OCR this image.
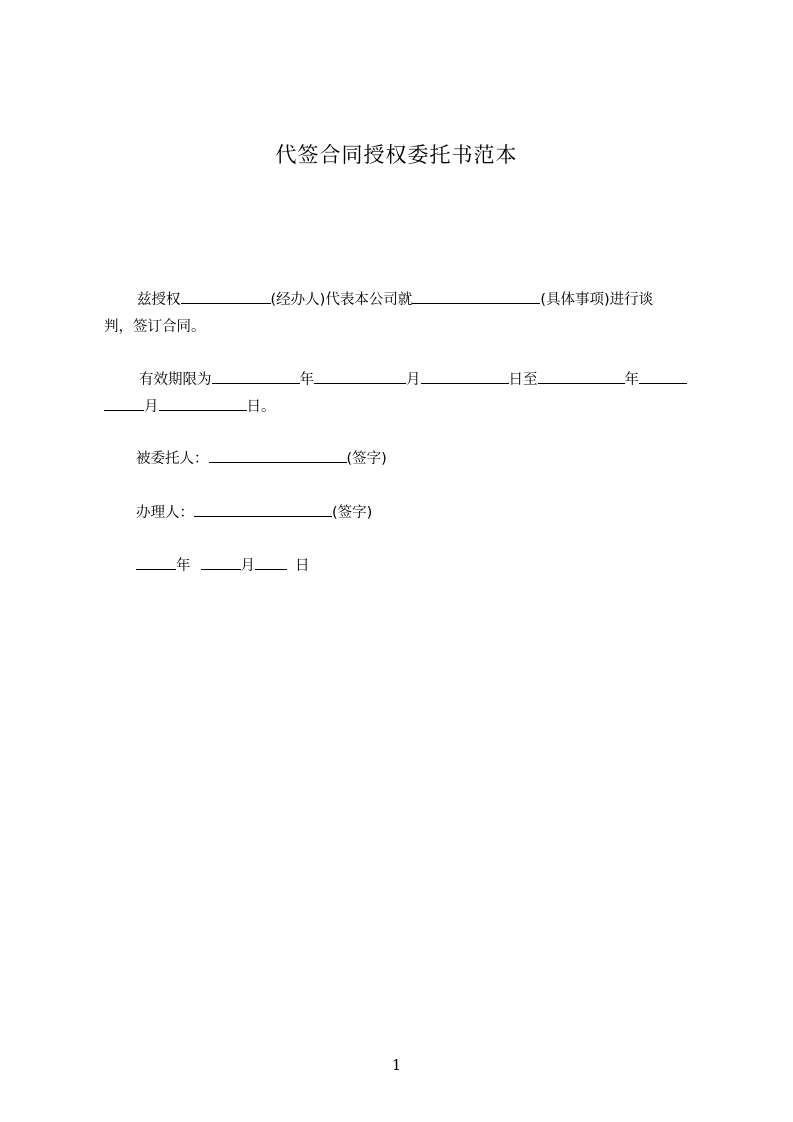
代签合同授权委托书范本
兹授权	(经办人)代表本公司就	(具体事项)进行谈
判，签订合同。
有效期限为	年	月	日至	年
月	日。
被委托人：	(签字)
办理人：	(签字)
年	月	日
1
